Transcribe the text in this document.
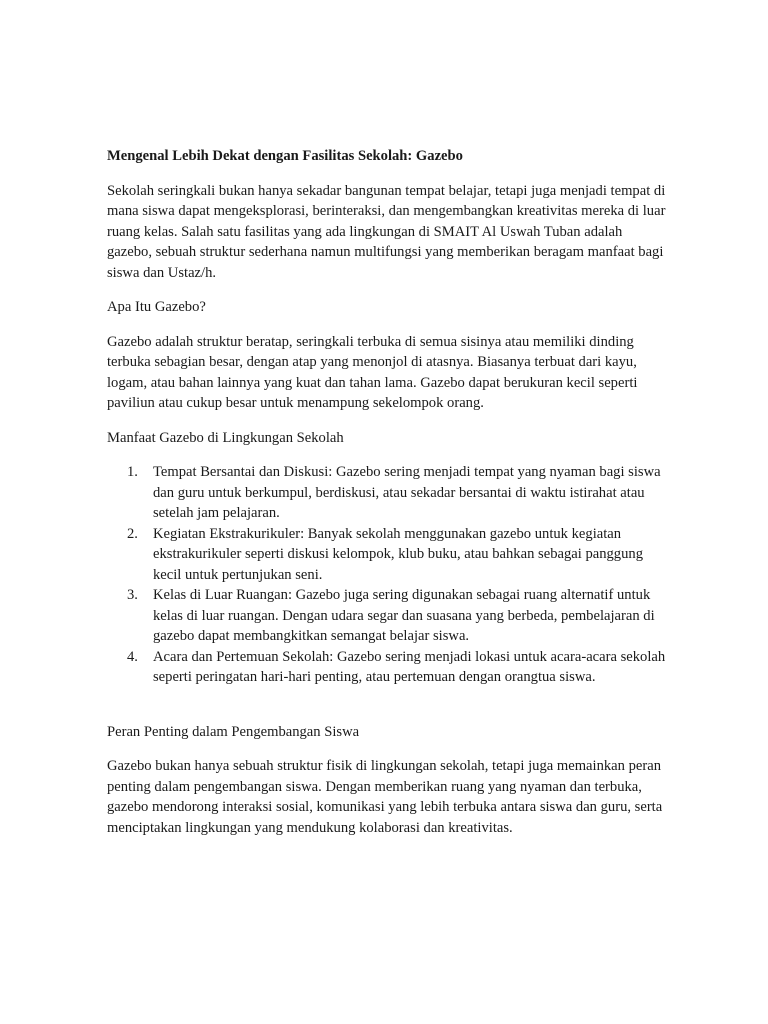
Mengenal Lebih Dekat dengan Fasilitas Sekolah: Gazebo

Sekolah seringkali bukan hanya sekadar bangunan tempat belajar, tetapi juga menjadi tempat di mana siswa dapat mengeksplorasi, berinteraksi, dan mengembangkan kreativitas mereka di luar ruang kelas. Salah satu fasilitas yang ada lingkungan di SMAIT Al Uswah Tuban adalah gazebo, sebuah struktur sederhana namun multifungsi yang memberikan beragam manfaat bagi siswa dan Ustaz/h.

Apa Itu Gazebo?

Gazebo adalah struktur beratap, seringkali terbuka di semua sisinya atau memiliki dinding terbuka sebagian besar, dengan atap yang menonjol di atasnya. Biasanya terbuat dari kayu, logam, atau bahan lainnya yang kuat dan tahan lama. Gazebo dapat berukuran kecil seperti paviliun atau cukup besar untuk menampung sekelompok orang.

Manfaat Gazebo di Lingkungan Sekolah

1. Tempat Bersantai dan Diskusi: Gazebo sering menjadi tempat yang nyaman bagi siswa dan guru untuk berkumpul, berdiskusi, atau sekadar bersantai di waktu istirahat atau setelah jam pelajaran.
2. Kegiatan Ekstrakurikuler: Banyak sekolah menggunakan gazebo untuk kegiatan ekstrakurikuler seperti diskusi kelompok, klub buku, atau bahkan sebagai panggung kecil untuk pertunjukan seni.
3. Kelas di Luar Ruangan: Gazebo juga sering digunakan sebagai ruang alternatif untuk kelas di luar ruangan. Dengan udara segar dan suasana yang berbeda, pembelajaran di gazebo dapat membangkitkan semangat belajar siswa.
4. Acara dan Pertemuan Sekolah: Gazebo sering menjadi lokasi untuk acara-acara sekolah seperti peringatan hari-hari penting, atau pertemuan dengan orangtua siswa.

Peran Penting dalam Pengembangan Siswa

Gazebo bukan hanya sebuah struktur fisik di lingkungan sekolah, tetapi juga memainkan peran penting dalam pengembangan siswa. Dengan memberikan ruang yang nyaman dan terbuka, gazebo mendorong interaksi sosial, komunikasi yang lebih terbuka antara siswa dan guru, serta menciptakan lingkungan yang mendukung kolaborasi dan kreativitas.
